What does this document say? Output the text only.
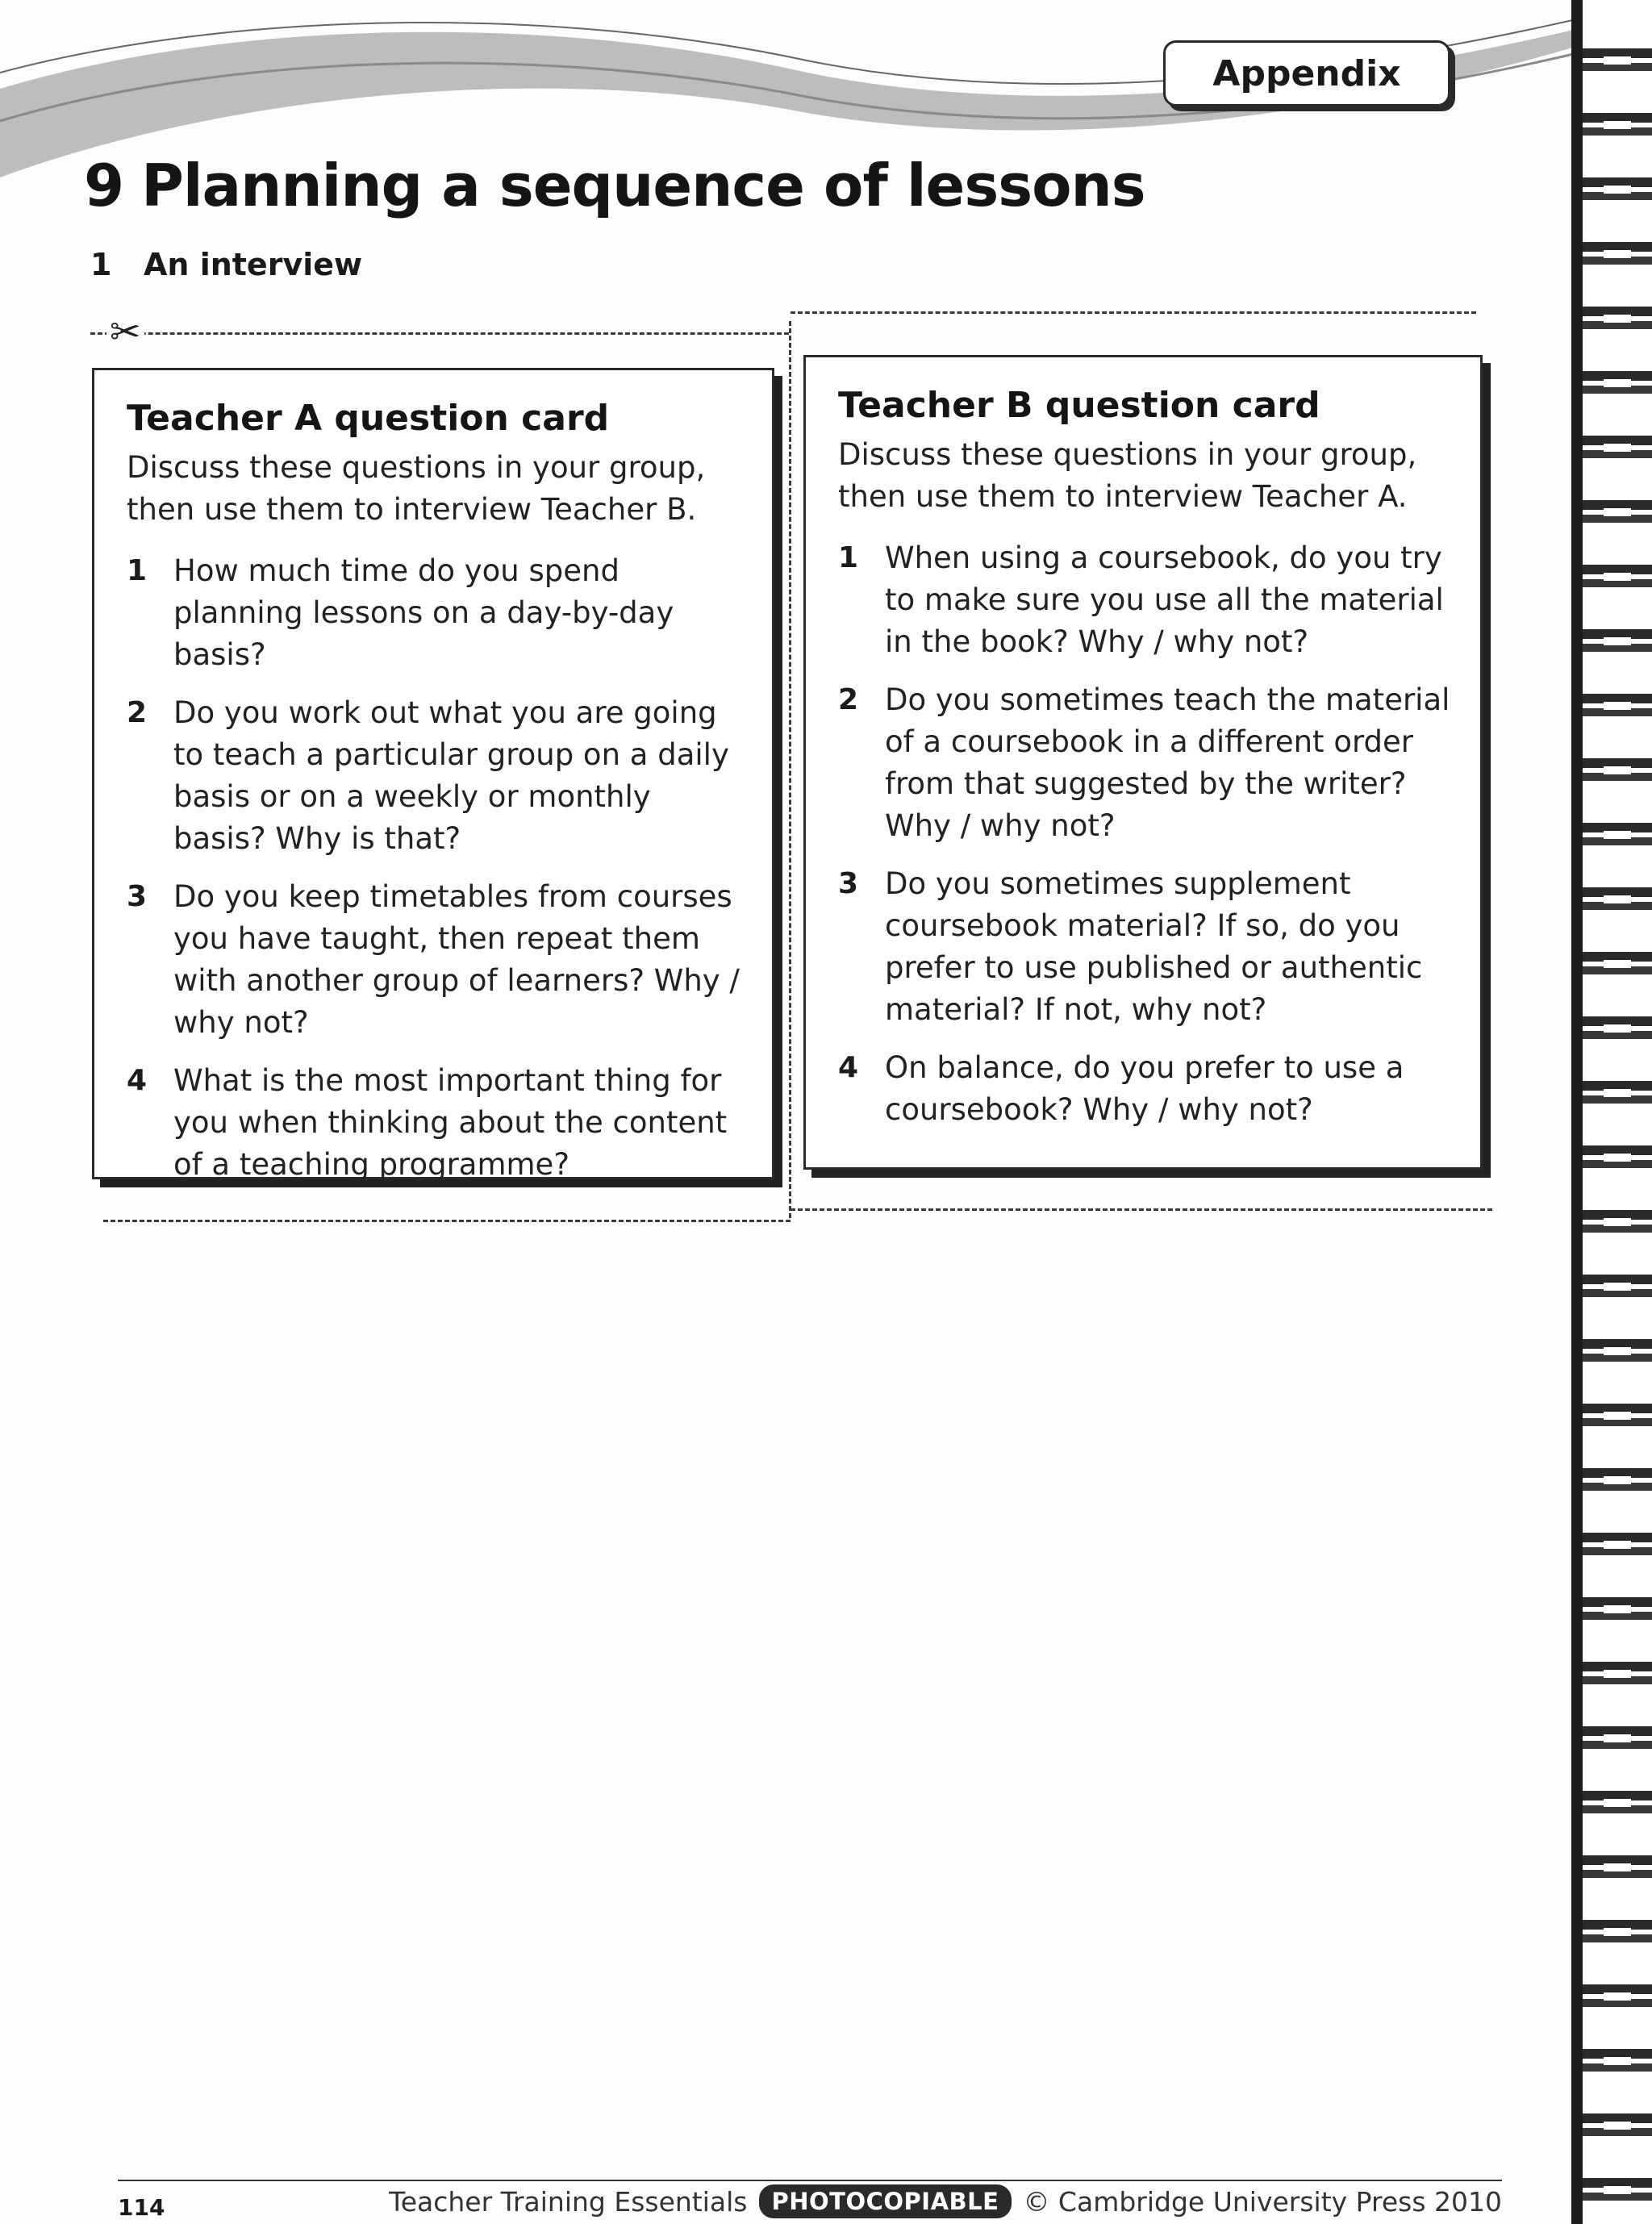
Appendix
9 Planning a sequence of lessons
1 An interview
✂
Teacher A question card
Discuss these questions in your group, then use them to interview Teacher B.
1 How much time do you spend planning lessons on a day-by-day basis?
2 Do you work out what you are going to teach a particular group on a daily basis or on a weekly or monthly basis? Why is that?
3 Do you keep timetables from courses you have taught, then repeat them with another group of learners? Why / why not?
4 What is the most important thing for you when thinking about the content of a teaching programme?
Teacher B question card
Discuss these questions in your group, then use them to interview Teacher A.
1 When using a coursebook, do you try to make sure you use all the material in the book? Why / why not?
2 Do you sometimes teach the material of a coursebook in a different order from that suggested by the writer? Why / why not?
3 Do you sometimes supplement coursebook material? If so, do you prefer to use published or authentic material? If not, why not?
4 On balance, do you prefer to use a coursebook? Why / why not?
114	Teacher Training Essentials	PHOTOCOPIABLE © Cambridge University Press 2010
